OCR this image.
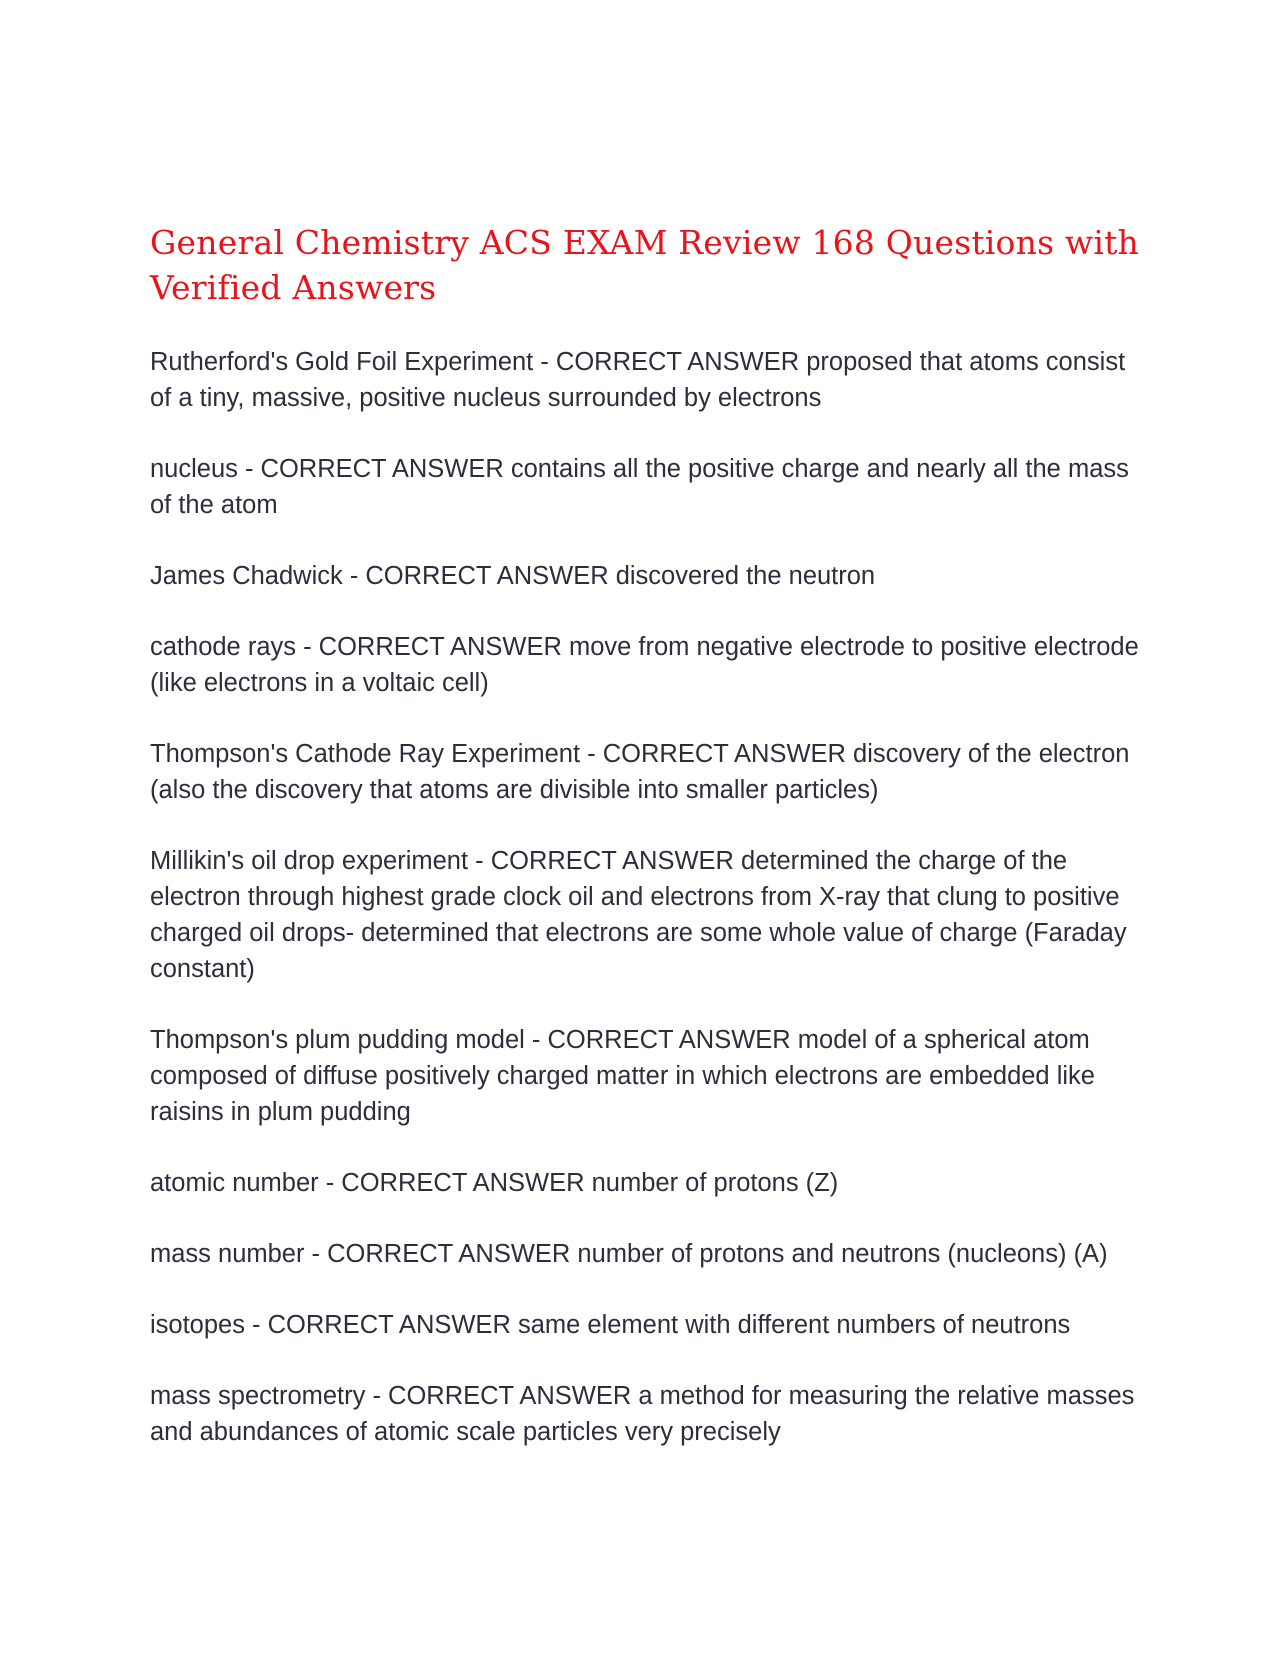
General Chemistry ACS EXAM Review 168 Questions with Verified Answers

Rutherford's Gold Foil Experiment - CORRECT ANSWER proposed that atoms consist of a tiny, massive, positive nucleus surrounded by electrons

nucleus - CORRECT ANSWER contains all the positive charge and nearly all the mass of the atom

James Chadwick - CORRECT ANSWER discovered the neutron

cathode rays - CORRECT ANSWER move from negative electrode to positive electrode (like electrons in a voltaic cell)

Thompson's Cathode Ray Experiment - CORRECT ANSWER discovery of the electron (also the discovery that atoms are divisible into smaller particles)

Millikin's oil drop experiment - CORRECT ANSWER determined the charge of the electron through highest grade clock oil and electrons from X-ray that clung to positive charged oil drops- determined that electrons are some whole value of charge (Faraday constant)

Thompson's plum pudding model - CORRECT ANSWER model of a spherical atom composed of diffuse positively charged matter in which electrons are embedded like raisins in plum pudding

atomic number - CORRECT ANSWER number of protons (Z)

mass number - CORRECT ANSWER number of protons and neutrons (nucleons) (A)

isotopes - CORRECT ANSWER same element with different numbers of neutrons

mass spectrometry - CORRECT ANSWER a method for measuring the relative masses and abundances of atomic scale particles very precisely
